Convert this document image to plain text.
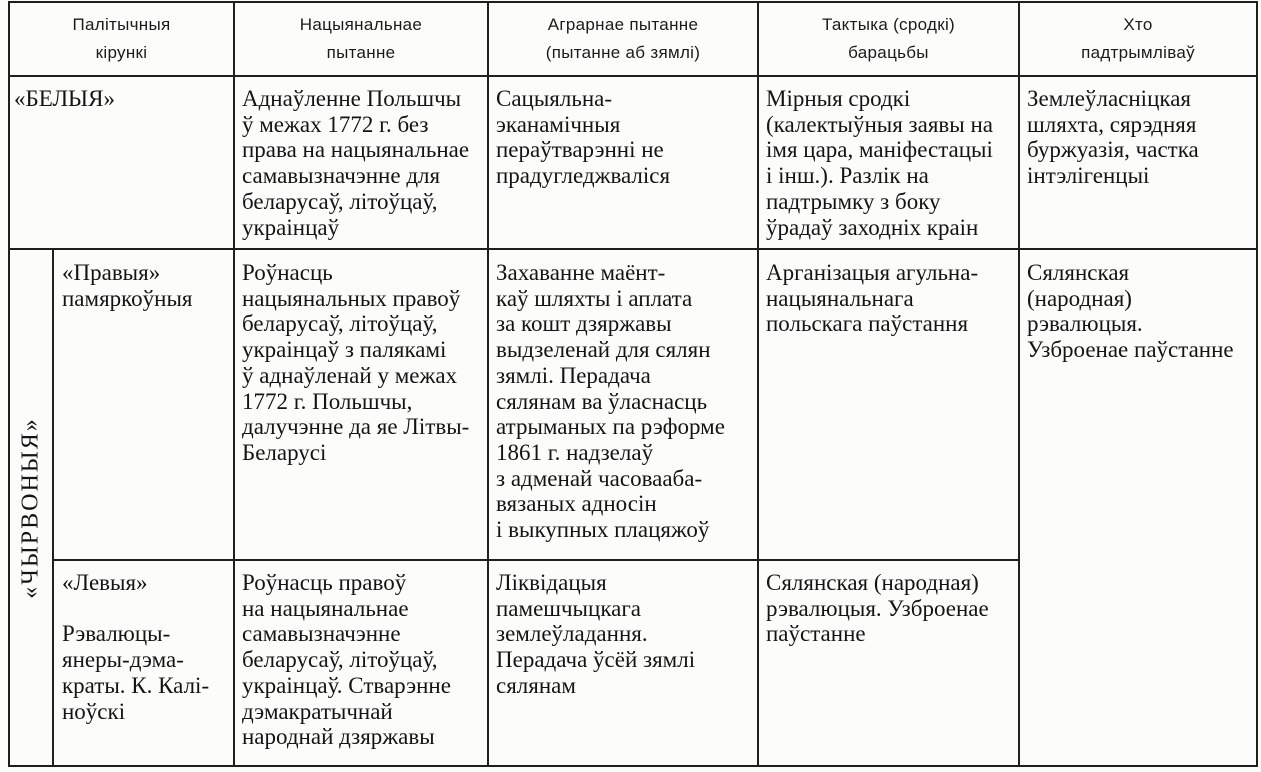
Палітычныя
кірункі
Нацыянальнае
пытанне
Аграрнае пытанне
(пытанне аб зямлі)
Тактыка (сродкі)
барацьбы
Хто
падтрымліваў
«БЕЛЫЯ»	Аднаўленне Польшчы
ў межах 1772 г. без
права на нацыянальнае
самавызначэнне для
беларусаў, літоўцаў,
украінцаў
Сацыяльна-
эканамічныя
пераўтварэнні не
прадугледжваліся
Мірныя сродкі
(калектыўныя заявы на
імя цара, маніфестацыі
і інш.). Разлік на
падтрымку з боку
ўрадаў заходніх краін
Землеўласніцкая
шляхта, сярэдняя
буржуазія, частка
інтэлігенцыі
«ЧЫРВОНЫЯ»
«Правыя»
памяркоўныя
Роўнасць
нацыянальных правоў
беларусаў, літоўцаў,
украінцаў з палякамі
ў аднаўленай у межах
1772 г. Польшчы,
далучэнне да яе Літвы-
Беларусі
Захаванне маёнт-
каў шляхты і аплата
за кошт дзяржавы
выдзеленай для сялян
зямлі. Перадача
сялянам ва ўласнасць
атрыманых па рэформе
1861 г. надзелаў
з адменай часовааба-
вязаных адносін
і выкупных плацяжоў
Арганізацыя агульна-
нацыянальнага
польскага паўстання
Сялянская
(народная)
рэвалюцыя.
Узброенае паўстанне
«Левыя»

Рэвалюцы-
янеры-дэма-
краты. К. Калі-
ноўскі
Роўнасць правоў
на нацыянальнае
самавызначэнне
беларусаў, літоўцаў,
украінцаў. Стварэнне
дэмакратычнай
народнай дзяржавы
Ліквідацыя
памешчыцкага
землеўладання.
Перадача ўсёй зямлі
сялянам
Сялянская (народная)
рэвалюцыя. Узброенае
паўстанне
